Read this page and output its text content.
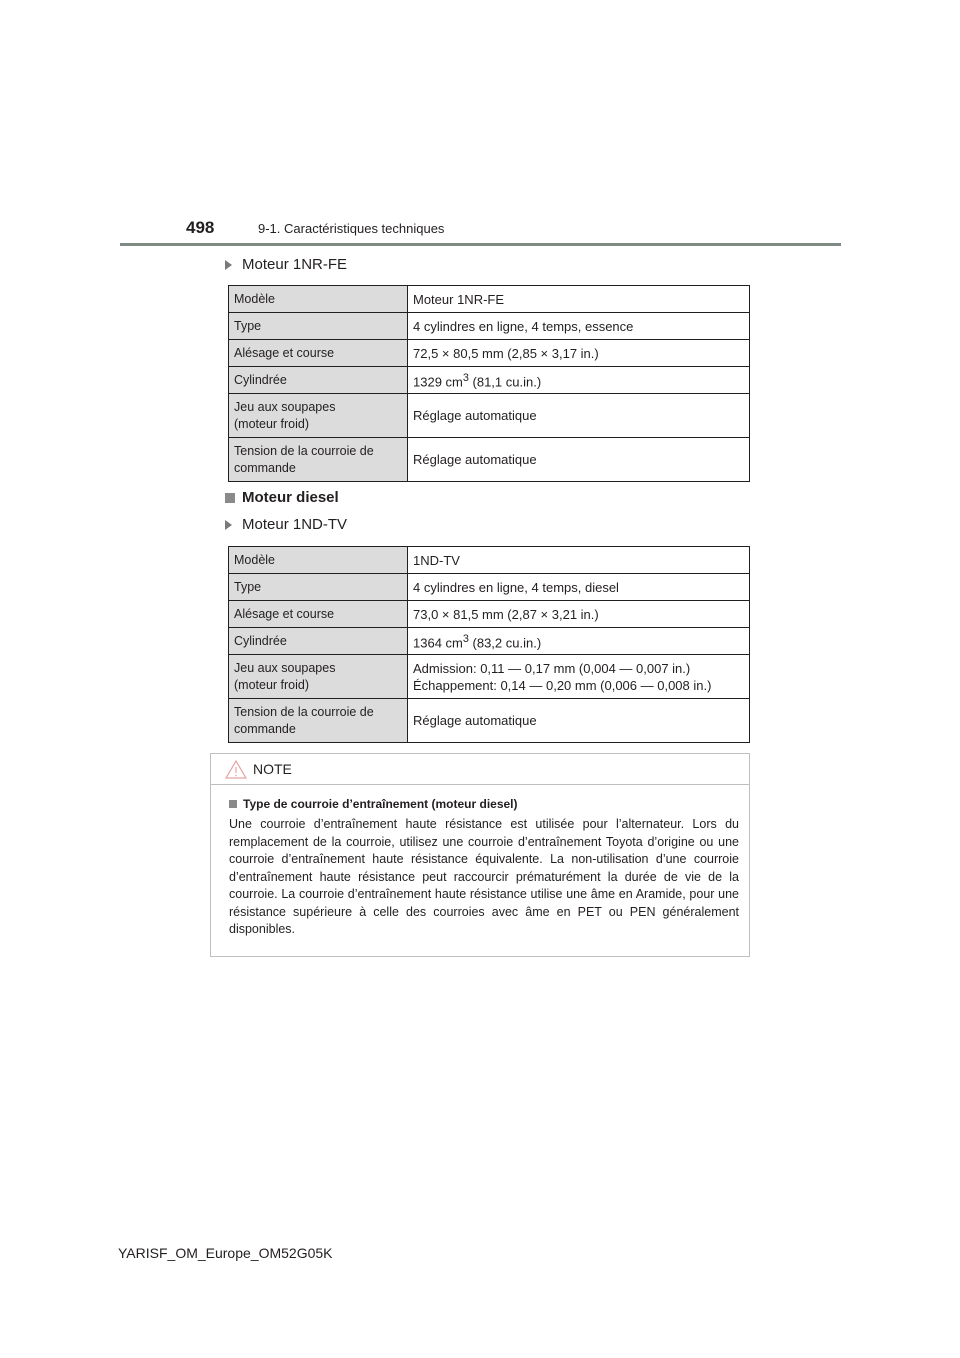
498	9-1. Caractéristiques techniques
Moteur 1NR-FE
Modèle	Moteur 1NR-FE
Type	4 cylindres en ligne, 4 temps, essence
Alésage et course	72,5 × 80,5 mm (2,85 × 3,17 in.)
Cylindrée	1329 $cm^3$ (81,1 cu.in.)
Jeu aux soupapes
(moteur froid)	Réglage automatique
Tension de la courroie de
commande	Réglage automatique
Moteur diesel
Moteur 1ND-TV
Modèle	1ND-TV
Type	4 cylindres en ligne, 4 temps, diesel
Alésage et course	73,0 × 81,5 mm (2,87 × 3,21 in.)
Cylindrée	1364 $cm^3$ (83,2 cu.in.)
Jeu aux soupapes
(moteur froid)	Admission: 0,11 — 0,17 mm (0,004 — 0,007 in.)
Échappement: 0,14 — 0,20 mm (0,006 — 0,008 in.)
Tension de la courroie de
commande	Réglage automatique
NOTE
Type de courroie d’entraînement (moteur diesel)
Une courroie d’entraînement haute résistance est utilisée pour l’alternateur. Lors du remplacement de la courroie, utilisez une courroie d’entraînement Toyota d’origine ou une courroie d’entraînement haute résistance équivalente. La non-utilisation d’une courroie d’entraînement haute résistance peut raccourcir prématurément la durée de vie de la courroie. La courroie d’entraînement haute résistance utilise une âme en Aramide, pour une résistance supérieure à celle des courroies avec âme en PET ou PEN généralement disponibles.
YARISF_OM_Europe_OM52G05K
